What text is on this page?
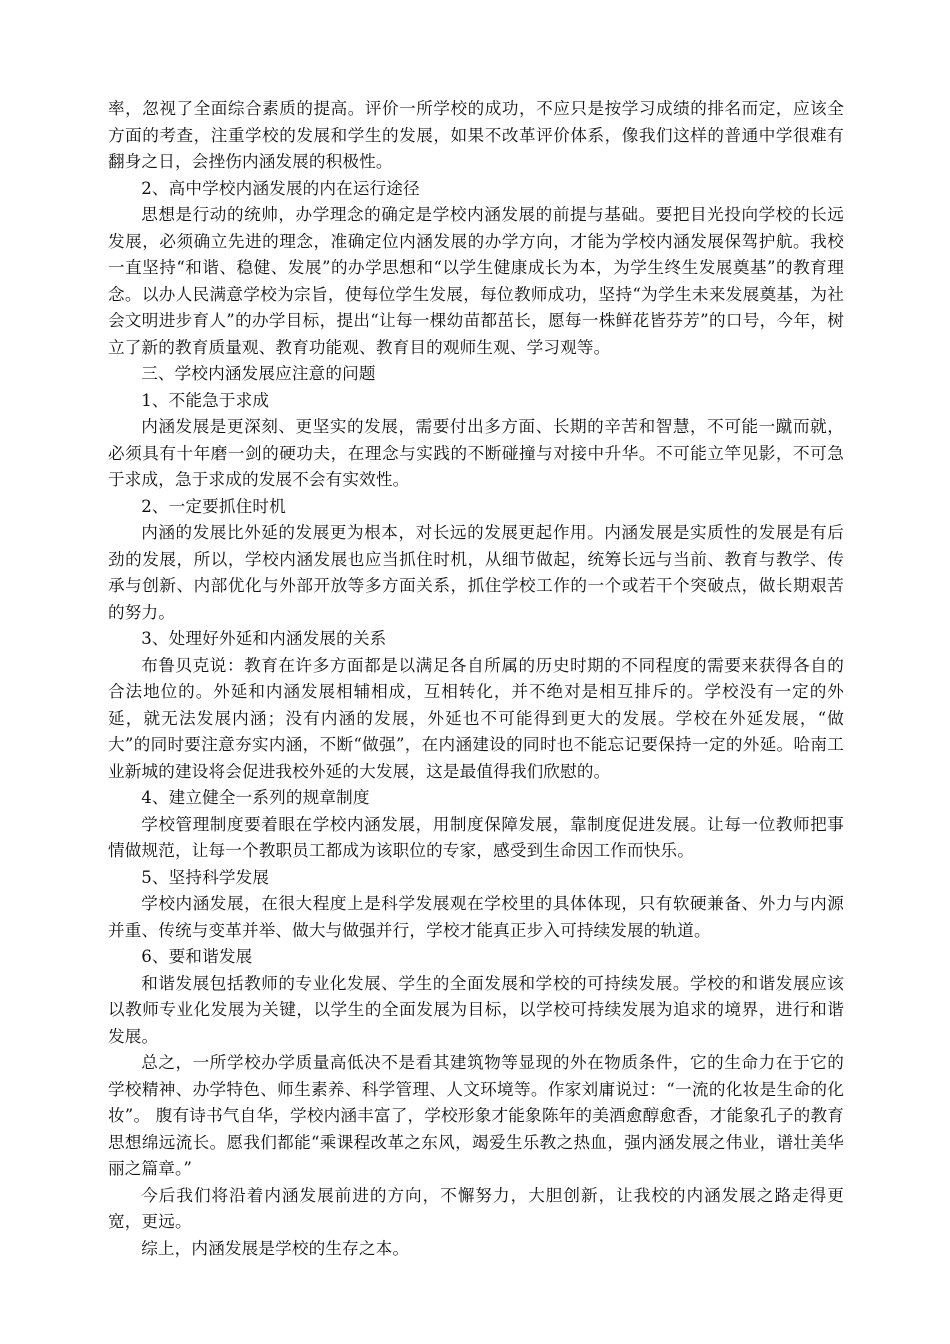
率，忽视了全面综合素质的提高。评价一所学校的成功，不应只是按学习成绩的排名而定，应该全方面的考查，注重学校的发展和学生的发展，如果不改革评价体系，像我们这样的普通中学很难有翻身之日，会挫伤内涵发展的积极性。

2、高中学校内涵发展的内在运行途径

思想是行动的统帅，办学理念的确定是学校内涵发展的前提与基础。要把目光投向学校的长远发展，必须确立先进的理念，准确定位内涵发展的办学方向，才能为学校内涵发展保驾护航。我校一直坚持“和谐、稳健、发展”的办学思想和“以学生健康成长为本，为学生终生发展奠基”的教育理念。以办人民满意学校为宗旨，使每位学生发展，每位教师成功，坚持“为学生未来发展奠基，为社会文明进步育人”的办学目标，提出“让每一棵幼苗都茁长，愿每一株鲜花皆芬芳”的口号，今年，树立了新的教育质量观、教育功能观、教育目的观师生观、学习观等。

三、学校内涵发展应注意的问题

1、不能急于求成

内涵发展是更深刻、更坚实的发展，需要付出多方面、长期的辛苦和智慧，不可能一蹴而就，必须具有十年磨一剑的硬功夫，在理念与实践的不断碰撞与对接中升华。不可能立竿见影，不可急于求成，急于求成的发展不会有实效性。

2、一定要抓住时机

内涵的发展比外延的发展更为根本，对长远的发展更起作用。内涵发展是实质性的发展是有后劲的发展，所以，学校内涵发展也应当抓住时机，从细节做起，统筹长远与当前、教育与教学、传承与创新、内部优化与外部开放等多方面关系，抓住学校工作的一个或若干个突破点，做长期艰苦的努力。

3、处理好外延和内涵发展的关系

布鲁贝克说：教育在许多方面都是以满足各自所属的历史时期的不同程度的需要来获得各自的合法地位的。外延和内涵发展相辅相成，互相转化，并不绝对是相互排斥的。学校没有一定的外延，就无法发展内涵；没有内涵的发展，外延也不可能得到更大的发展。学校在外延发展，“做大”的同时要注意夯实内涵，不断“做强”，在内涵建设的同时也不能忘记要保持一定的外延。哈南工业新城的建设将会促进我校外延的大发展，这是最值得我们欣慰的。

4、建立健全一系列的规章制度

学校管理制度要着眼在学校内涵发展，用制度保障发展，靠制度促进发展。让每一位教师把事情做规范，让每一个教职员工都成为该职位的专家，感受到生命因工作而快乐。

5、坚持科学发展

学校内涵发展，在很大程度上是科学发展观在学校里的具体体现，只有软硬兼备、外力与内源并重、传统与变革并举、做大与做强并行，学校才能真正步入可持续发展的轨道。

6、要和谐发展

和谐发展包括教师的专业化发展、学生的全面发展和学校的可持续发展。学校的和谐发展应该以教师专业化发展为关键，以学生的全面发展为目标，以学校可持续发展为追求的境界，进行和谐发展。

总之，一所学校办学质量高低决不是看其建筑物等显现的外在物质条件，它的生命力在于它的学校精神、办学特色、师生素养、科学管理、人文环境等。作家刘庸说过：“一流的化妆是生命的化妆”。 腹有诗书气自华，学校内涵丰富了，学校形象才能象陈年的美酒愈醇愈香，才能象孔子的教育思想绵远流长。愿我们都能“乘课程改革之东风，竭爱生乐教之热血，强内涵发展之伟业，谱壮美华丽之篇章。”

今后我们将沿着内涵发展前进的方向，不懈努力，大胆创新，让我校的内涵发展之路走得更宽，更远。

综上，内涵发展是学校的生存之本。
